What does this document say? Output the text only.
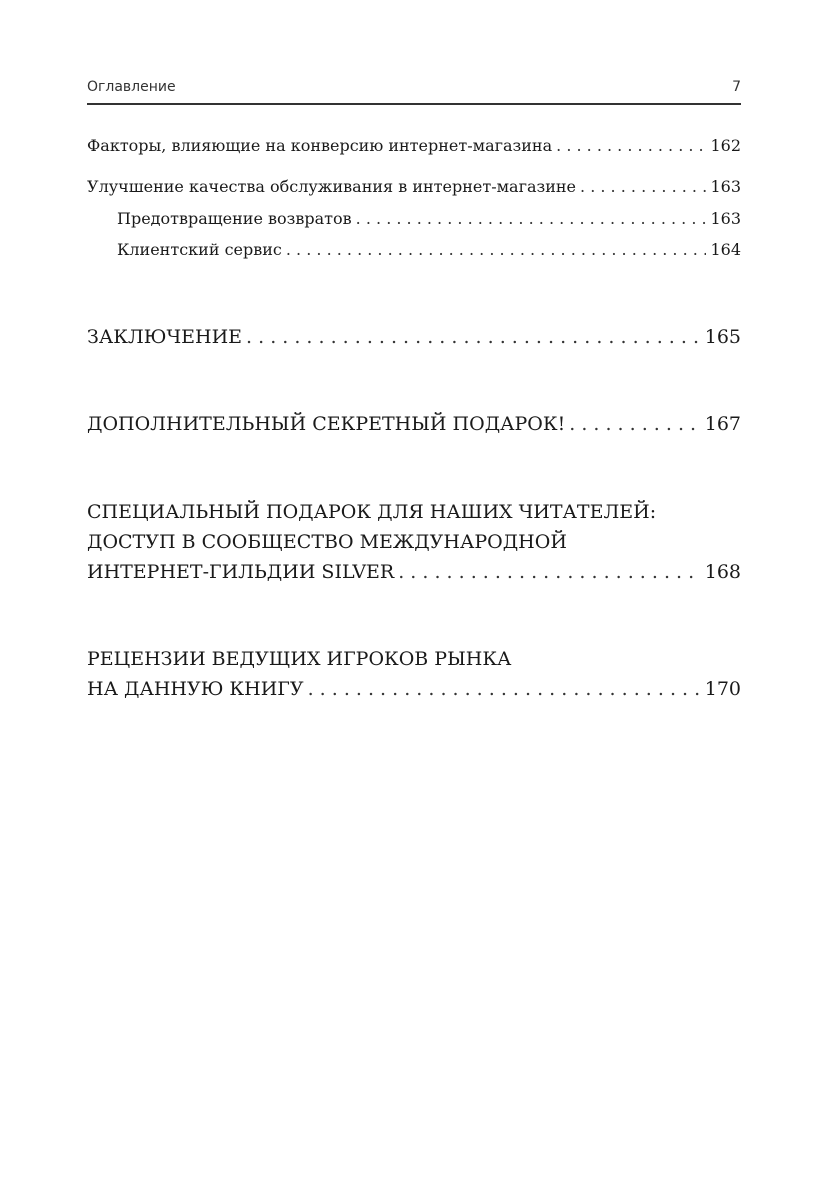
Оглавление	7
Факторы, влияющие на конверсию интернет-магазина . . .	162
Улучшение качества обслуживания в интернет-магазине . . .	163
Предотвращение возвратов . . .	163
Клиентский сервис . . .	164
ЗАКЛЮЧЕНИЕ . . .	165
ДОПОЛНИТЕЛЬНЫЙ СЕКРЕТНЫЙ ПОДАРОК! . . .	167
СПЕЦИАЛЬНЫЙ ПОДАРОК ДЛЯ НАШИХ ЧИТАТЕЛЕЙ:
ДОСТУП В СООБЩЕСТВО МЕЖДУНАРОДНОЙ
ИНТЕРНЕТ-ГИЛЬДИИ SILVER . . .	168
РЕЦЕНЗИИ ВЕДУЩИХ ИГРОКОВ РЫНКА
НА ДАННУЮ КНИГУ . . .	170
